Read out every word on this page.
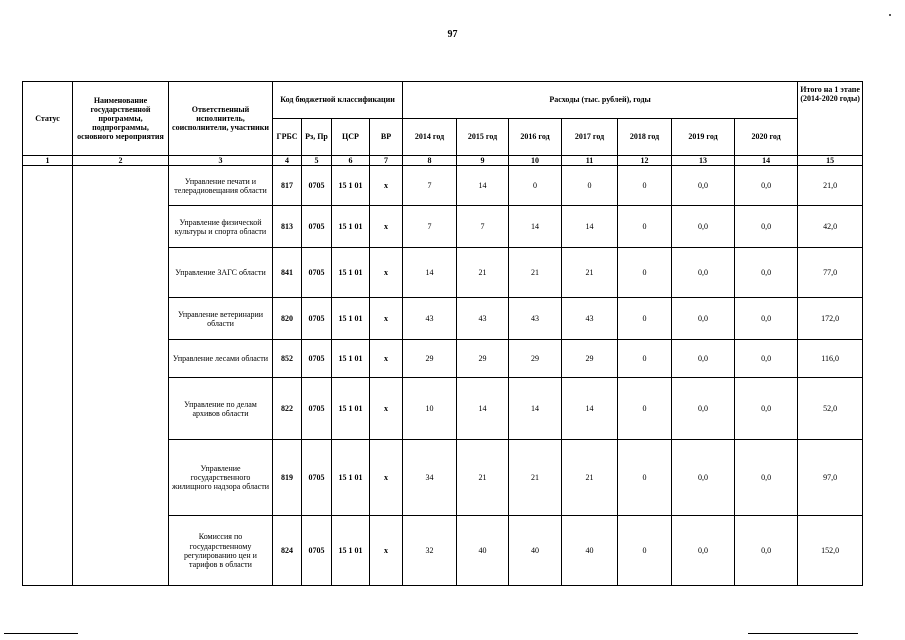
97
Статус	Наименование государственной программы, подпрограммы, основного мероприятия	Ответственный исполнитель, соисполнители, участники	Код бюджетной классификации				Расходы (тыс. рублей), годы							Итого на 1 этапе (2014-2020 годы)
			ГРБС	Рз, Пр	ЦСР	ВР	2014 год	2015 год	2016 год	2017 год	2018 год	2019 год	2020 год	
1	2	3	4	5	6	7	8	9	10	11	12	13	14	15
		Управление печати и телерадиовещания области	817	0705	15 1 01	х	7	14	0	0	0	0,0	0,0	21,0
		Управление физической культуры и спорта области	813	0705	15 1 01	х	7	7	14	14	0	0,0	0,0	42,0
		Управление ЗАГС области	841	0705	15 1 01	х	14	21	21	21	0	0,0	0,0	77,0
		Управление ветеринарии области	820	0705	15 1 01	х	43	43	43	43	0	0,0	0,0	172,0
		Управление лесами области	852	0705	15 1 01	х	29	29	29	29	0	0,0	0,0	116,0
		Управление по делам архивов области	822	0705	15 1 01	х	10	14	14	14	0	0,0	0,0	52,0
		Управление государственного жилищного надзора области	819	0705	15 1 01	х	34	21	21	21	0	0,0	0,0	97,0
		Комиссия по государственному регулированию цен и тарифов в области	824	0705	15 1 01	х	32	40	40	40	0	0,0	0,0	152,0
